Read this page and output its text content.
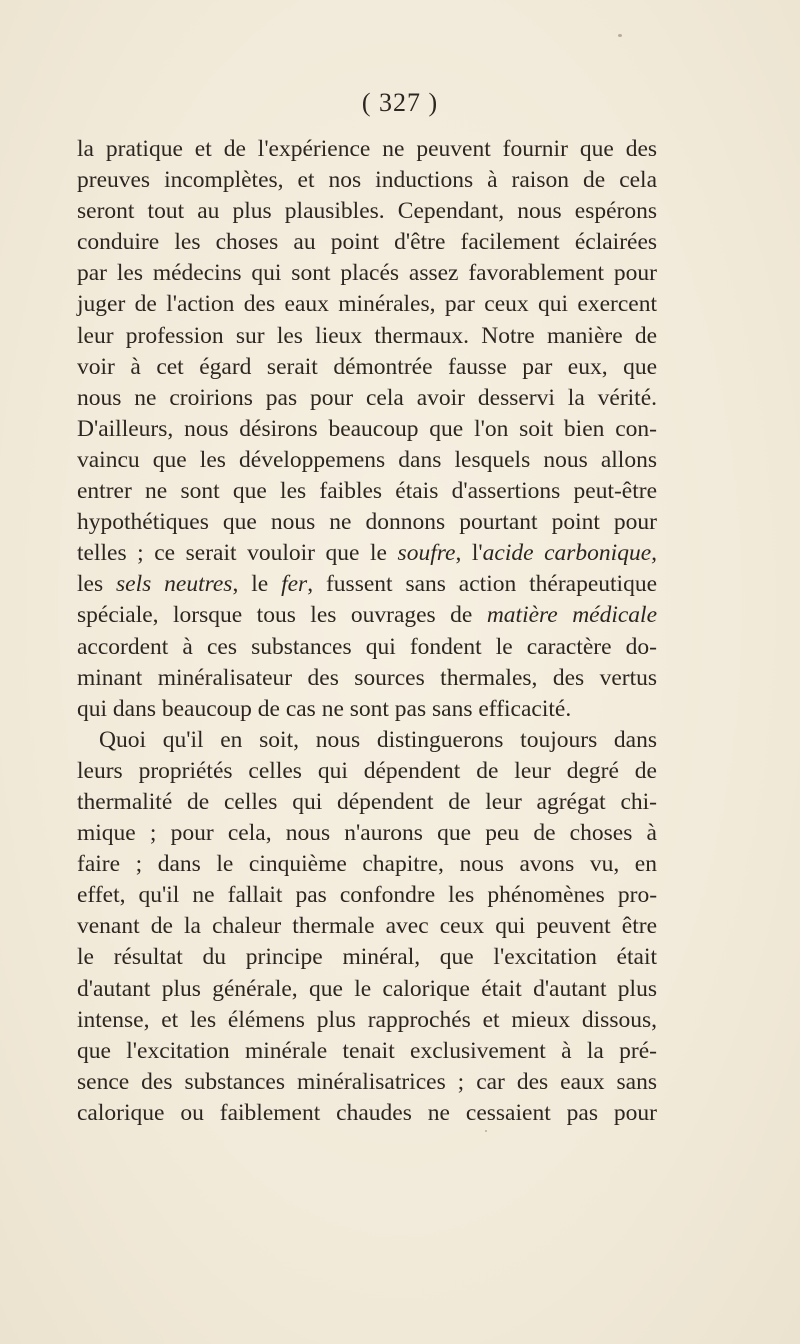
( 327 )
la pratique et de l'expérience ne peuvent fournir que des
preuves incomplètes, et nos inductions à raison de cela
seront tout au plus plausibles. Cependant, nous espérons
conduire les choses au point d'être facilement éclairées
par les médecins qui sont placés assez favorablement pour
juger de l'action des eaux minérales, par ceux qui exercent
leur profession sur les lieux thermaux. Notre manière de
voir à cet égard serait démontrée fausse par eux, que
nous ne croirions pas pour cela avoir desservi la vérité.
D'ailleurs, nous désirons beaucoup que l'on soit bien con-
vaincu que les développemens dans lesquels nous allons
entrer ne sont que les faibles étais d'assertions peut-être
hypothétiques que nous ne donnons pourtant point pour
telles ; ce serait vouloir que le soufre, l'acide carbonique,
les sels neutres, le fer, fussent sans action thérapeutique
spéciale, lorsque tous les ouvrages de matière médicale
accordent à ces substances qui fondent le caractère do-
minant minéralisateur des sources thermales, des vertus
qui dans beaucoup de cas ne sont pas sans efficacité.
Quoi qu'il en soit, nous distinguerons toujours dans
leurs propriétés celles qui dépendent de leur degré de
thermalité de celles qui dépendent de leur agrégat chi-
mique ; pour cela, nous n'aurons que peu de choses à
faire ; dans le cinquième chapitre, nous avons vu, en
effet, qu'il ne fallait pas confondre les phénomènes pro-
venant de la chaleur thermale avec ceux qui peuvent être
le résultat du principe minéral, que l'excitation était
d'autant plus générale, que le calorique était d'autant plus
intense, et les élémens plus rapprochés et mieux dissous,
que l'excitation minérale tenait exclusivement à la pré-
sence des substances minéralisatrices ; car des eaux sans
calorique ou faiblement chaudes ne cessaient pas pour
